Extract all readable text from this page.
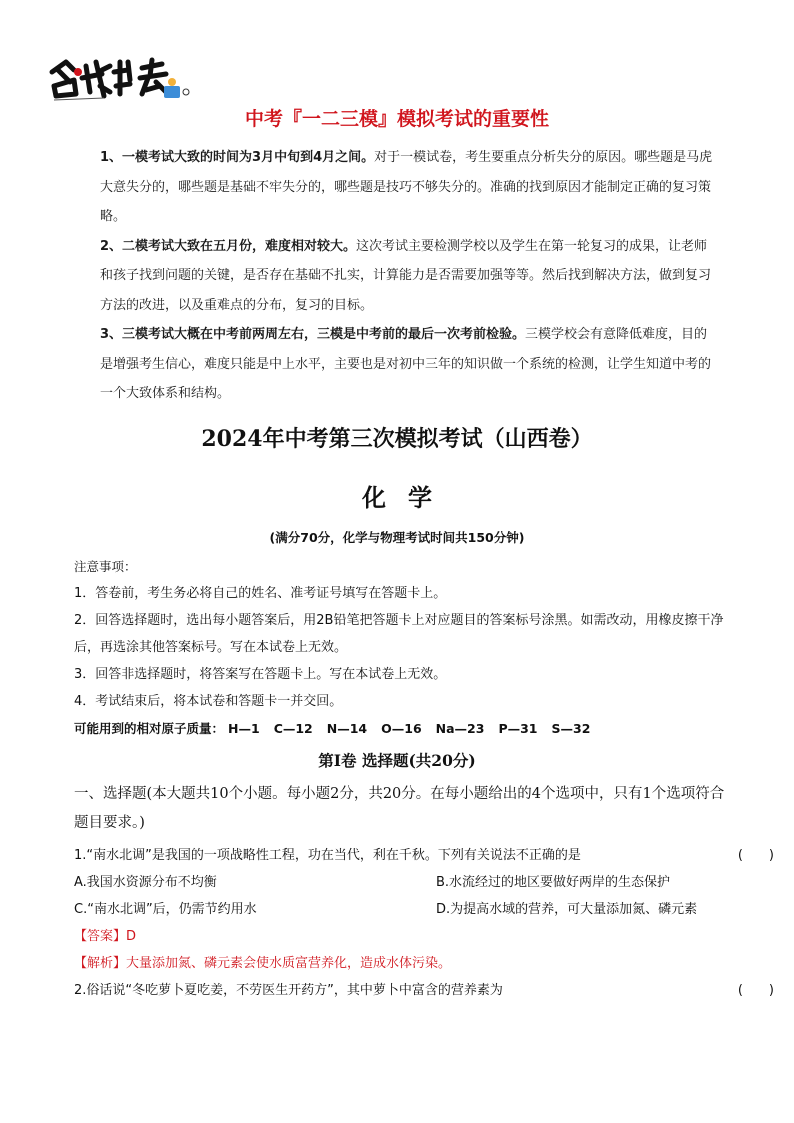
中考『一二三模』模拟考试的重要性

1、一模考试大致的时间为3月中旬到4月之间。对于一模试卷，考生要重点分析失分的原因。哪些题是马虎大意失分的，哪些题是基础不牢失分的，哪些题是技巧不够失分的。准确的找到原因才能制定正确的复习策略。

2、二模考试大致在五月份，难度相对较大。这次考试主要检测学校以及学生在第一轮复习的成果，让老师和孩子找到问题的关键，是否存在基础不扎实，计算能力是否需要加强等等。然后找到解决方法，做到复习方法的改进，以及重难点的分布，复习的目标。

3、三模考试大概在中考前两周左右，三模是中考前的最后一次考前检验。三模学校会有意降低难度，目的是增强考生信心，难度只能是中上水平，主要也是对初中三年的知识做一个系统的检测，让学生知道中考的一个大致体系和结构。

2024年中考第三次模拟考试（山西卷）
化学
(满分70分，化学与物理考试时间共150分钟)

注意事项：

1．答卷前，考生务必将自己的姓名、准考证号填写在答题卡上。

2．回答选择题时，选出每小题答案后，用2B铅笔把答题卡上对应题目的答案标号涂黑。如需改动，用橡皮擦干净后，再选涂其他答案标号。写在本试卷上无效。

3．回答非选择题时，将答案写在答题卡上。写在本试卷上无效。

4．考试结束后，将本试卷和答题卡一并交回。

可能用到的相对原子质量： H—1 C—12 N—14 O—16 Na—23 P—31 S—32

第Ⅰ卷 选择题(共20分)

一、选择题(本大题共10个小题。每小题2分，共20分。在每小题给出的4个选项中，只有1个选项符合题目要求。)

1.“南水北调”是我国的一项战略性工程，功在当代，利在千秋。下列有关说法不正确的是	(　　)
A.我国水资源分布不均衡	B.水流经过的地区要做好两岸的生态保护
C.“南水北调”后，仍需节约用水	D.为提高水域的营养，可大量添加氮、磷元素
【答案】D
【解析】大量添加氮、磷元素会使水质富营养化，造成水体污染。
2.俗话说“冬吃萝卜夏吃姜，不劳医生开药方”，其中萝卜中富含的营养素为	(　　)
